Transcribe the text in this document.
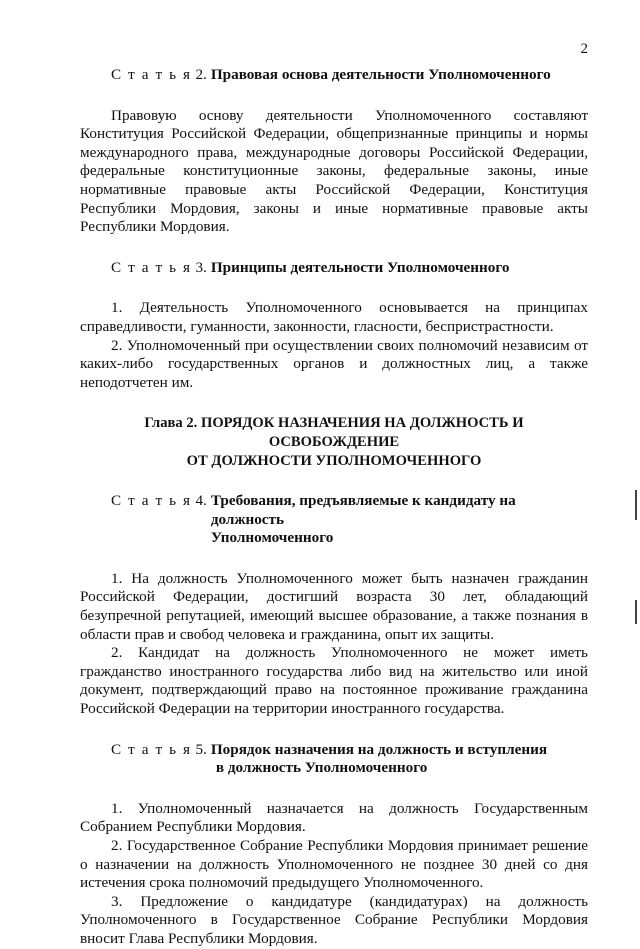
2
С т а т ь я
2. Правовая основа деятельности Уполномоченного
Правовую основу деятельности Уполномоченного составляют
Конституция Российской Федерации, общепризнанные принципы и нормы
международного права, международные договоры Российской Федерации,
федеральные конституционные законы, федеральные законы, иные
нормативные правовые акты Российской Федерации, Конституция
Республики Мордовия, законы и иные нормативные правовые акты
Республики Мордовия.
С т а т ь я
3. Принципы деятельности Уполномоченного
1. Деятельность Уполномоченного основывается на принципах
справедливости, гуманности, законности, гласности, беспристрастности.
2. Уполномоченный при осуществлении своих полномочий независим от
каких-либо государственных органов и должностных лиц, а также
неподотчетен им.
Глава 2. ПОРЯДОК НАЗНАЧЕНИЯ НА ДОЛЖНОСТЬ И ОСВОБОЖДЕНИЕ
ОТ ДОЛЖНОСТИ УПОЛНОМОЧЕННОГО
С т а т ь я
4. Требования, предъявляемые к кандидату на должность
Уполномоченного
1. На должность Уполномоченного может быть назначен гражданин
Российской Федерации, достигший возраста 30 лет, обладающий
безупречной репутацией, имеющий высшее образование, а также познания в
области прав и свобод человека и гражданина, опыт их защиты.
2. Кандидат на должность Уполномоченного не может иметь
гражданство иностранного государства либо вид на жительство или иной
документ, подтверждающий право на постоянное проживание гражданина
Российской Федерации на территории иностранного государства.
С т а т ь я
5. Порядок назначения на должность и вступления
в должность Уполномоченного
1. Уполномоченный назначается на должность Государственным
Собранием Республики Мордовия.
2. Государственное Собрание Республики Мордовия принимает решение
о назначении на должность Уполномоченного не позднее 30 дней со дня
истечения срока полномочий предыдущего Уполномоченного.
3. Предложение о кандидатуре (кандидатурах) на должность
Уполномоченного в Государственное Собрание Республики Мордовия
вносит Глава Республики Мордовия.
